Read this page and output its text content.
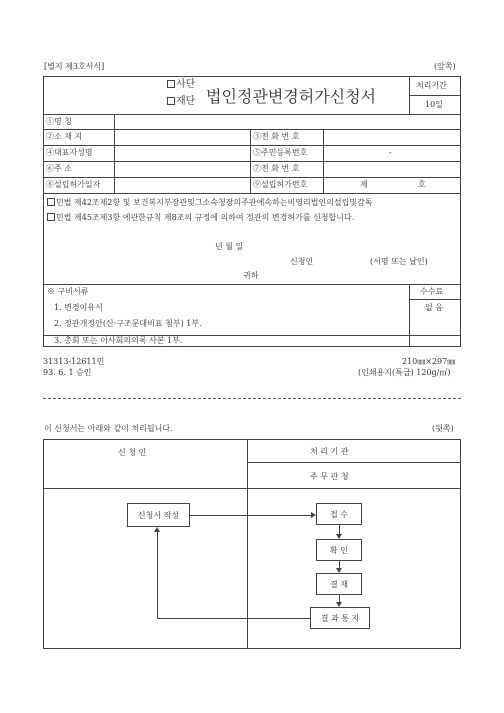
[별지 제3호서식]	(앞쪽)
사단
재단 법인정관변경허가신청서
처리기간
10일
①명 칭
②소 재 지	③전 화 번 호
④대표자성명	⑤주민등록번호	-
⑥주 소	⑦전 화 번 호
⑧설립허가일자	⑨설립허가번호	제	호
민법 제42조제2항 및 보건복지부장관및그소속청장의주관에속하는비영리법인의설립및감독
민법 제45조제3항 에관한규칙 제8조의 규정에 의하여 정관의 변경허가를 신청합니다.
년 월 일
신청인	(서명 또는 날인)
귀하
※ 구비서류
1. 변경이유서
2. 정관개정안(신·구조문대비표 첨부) 1부.
3. 총회 또는 이사회의의록 사본 1부.
수수료
없 음
31313-12611민
93. 6. 1 승인
210㎜×297㎜
(인쇄용지(특급) 120g/㎡)
이 신청서는 아래와 같이 처리됩니다.	(뒷쪽)
신 청 인	처 리 기 관
주 무 관 청
신청서 작성	접 수
확 인
결 재
결 과 통 지
